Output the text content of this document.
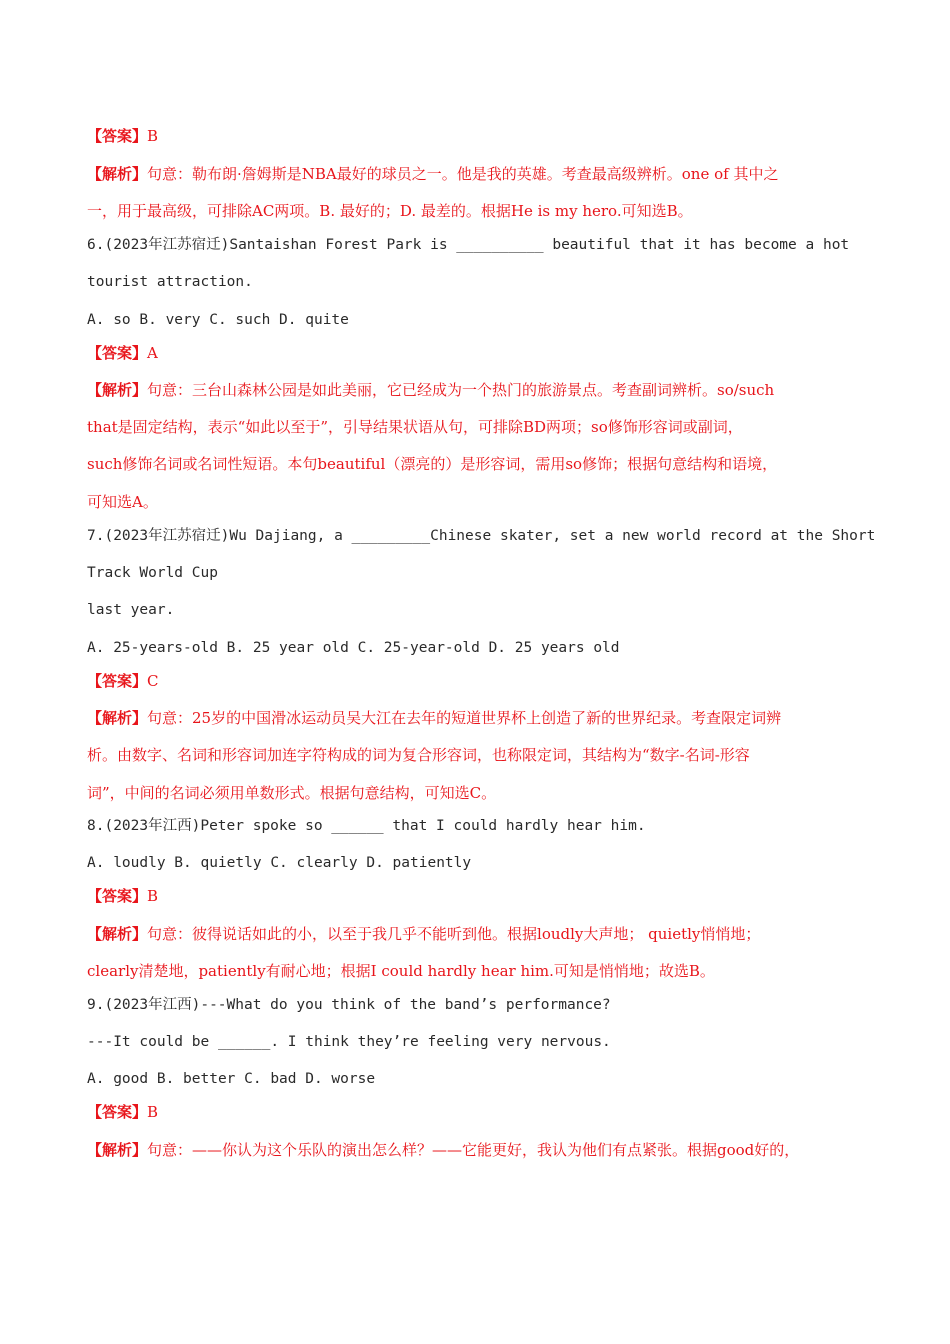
【答案】B
【解析】句意：勒布朗·詹姆斯是NBA最好的球员之一。他是我的英雄。考查最高级辨析。one of 其中之
一，用于最高级，可排除AC两项。B. 最好的；D. 最差的。根据He is my hero.可知选B。
6.(2023年江苏宿迁)Santaishan Forest Park is __________ beautiful that it has become a hot
tourist attraction.
A. so B. very C. such D. quite
【答案】A
【解析】句意：三台山森林公园是如此美丽，它已经成为一个热门的旅游景点。考查副词辨析。so/such
that是固定结构，表示“如此以至于”，引导结果状语从句，可排除BD两项；so修饰形容词或副词，
such修饰名词或名词性短语。本句beautiful（漂亮的）是形容词，需用so修饰；根据句意结构和语境，
可知选A。
7.(2023年江苏宿迁)Wu Dajiang, a _________Chinese skater, set a new world record at the Short
Track World Cup
last year.
A. 25-years-old B. 25 year old C. 25-year-old D. 25 years old
【答案】C
【解析】句意：25岁的中国滑冰运动员吴大江在去年的短道世界杯上创造了新的世界纪录。考查限定词辨
析。由数字、名词和形容词加连字符构成的词为复合形容词，也称限定词，其结构为“数字-名词-形容
词”，中间的名词必须用单数形式。根据句意结构，可知选C。
8.(2023年江西)Peter spoke so ______ that I could hardly hear him.
A. loudly B. quietly C. clearly D. patiently
【答案】B
【解析】句意：彼得说话如此的小，以至于我几乎不能听到他。根据loudly大声地； quietly悄悄地；
clearly清楚地，patiently有耐心地；根据I could hardly hear him.可知是悄悄地；故选B。
9.(2023年江西)---What do you think of the band’s performance?
---It could be ______. I think they’re feeling very nervous.
A. good B. better C. bad D. worse
【答案】B
【解析】句意：——你认为这个乐队的演出怎么样？——它能更好，我认为他们有点紧张。根据good好的，
